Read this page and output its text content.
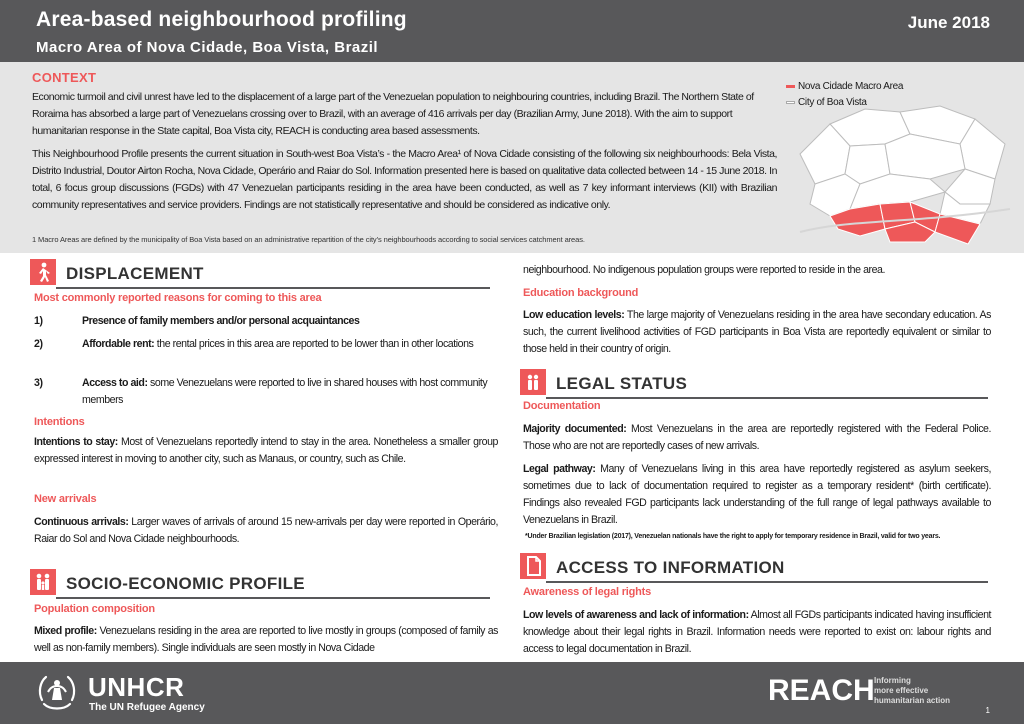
Area-based neighbourhood profiling
Macro Area of Nova Cidade, Boa Vista, Brazil
June 2018
CONTEXT
Economic turmoil and civil unrest have led to the displacement of a large part of the Venezuelan population to neighbouring countries, including Brazil. The Northern State of Roraima has absorbed a large part of Venezuelans crossing over to Brazil, with an average of 416 arrivals per day (Brazilian Army, June 2018). With the aim to support humanitarian response in the State capital, Boa Vista city, REACH is conducting area based assessments.
This Neighbourhood Profile presents the current situation in South-west Boa Vista’s - the Macro Area¹ of Nova Cidade consisting of the following six neighbourhoods: Bela Vista, Distrito Industrial, Doutor Airton Rocha, Nova Cidade, Operário and Raiar do Sol. Information presented here is based on qualitative data collected between 14 - 15 June 2018. In total, 6 focus group discussions (FGDs) with 47 Venezuelan participants residing in the area have been conducted, as well as 7 key informant interviews (KII) with Brazilian community representatives and service providers. Findings are not statistically representative and should be considered as indicative only.
1 Macro Areas are defined by the municipality of Boa Vista based on an administrative repartition of the city’s neighbourhoods according to social services catchment areas.
Nova Cidade Macro Area
City of Boa Vista
DISPLACEMENT
Most commonly reported reasons for coming to this area
1)	Presence of family members and/or personal acquaintances
2)	Affordable rent: the rental prices in this area are reported to be lower than in other locations
3)	Access to aid: some Venezuelans were reported to live in shared houses with host community members
Intentions
Intentions to stay: Most of Venezuelans reportedly intend to stay in the area. Nonetheless a smaller group expressed interest in moving to another city, such as Manaus, or country, such as Chile.
New arrivals
Continuous arrivals: Larger waves of arrivals of around 15 new-arrivals per day were reported in Operário, Raiar do Sol and Nova Cidade neighbourhoods.
SOCIO-ECONOMIC PROFILE
Population composition
Mixed profile: Venezuelans residing in the area are reported to live mostly in groups (composed of family as well as non-family members). Single individuals are seen mostly in Nova Cidade
neighbourhood. No indigenous population groups were reported to reside in the area.
Education background
Low education levels: The large majority of Venezuelans residing in the area have secondary education. As such, the current livelihood activities of FGD participants in Boa Vista are reportedly equivalent or similar to those held in their country of origin.
LEGAL STATUS
Documentation
Majority documented: Most Venezuelans in the area are reportedly registered with the Federal Police. Those who are not are reportedly cases of new arrivals.
Legal pathway: Many of Venezuelans living in this area have reportedly registered as asylum seekers, sometimes due to lack of documentation required to register as a temporary resident* (birth certificate). Findings also revealed FGD participants lack understanding of the full range of legal pathways available to Venezuelans in Brazil.
*Under Brazilian legislation (2017), Venezuelan nationals have the right to apply for temporary residence in Brazil, valid for two years.
ACCESS TO INFORMATION
Awareness of legal rights
Low levels of awareness and lack of information: Almost all FGDs participants indicated having insufficient knowledge about their legal rights in Brazil. Information needs were reported to exist on: labour rights and access to legal documentation in Brazil.
UNHCR
The UN Refugee Agency
REACH Informing
more effective
humanitarian action
1
